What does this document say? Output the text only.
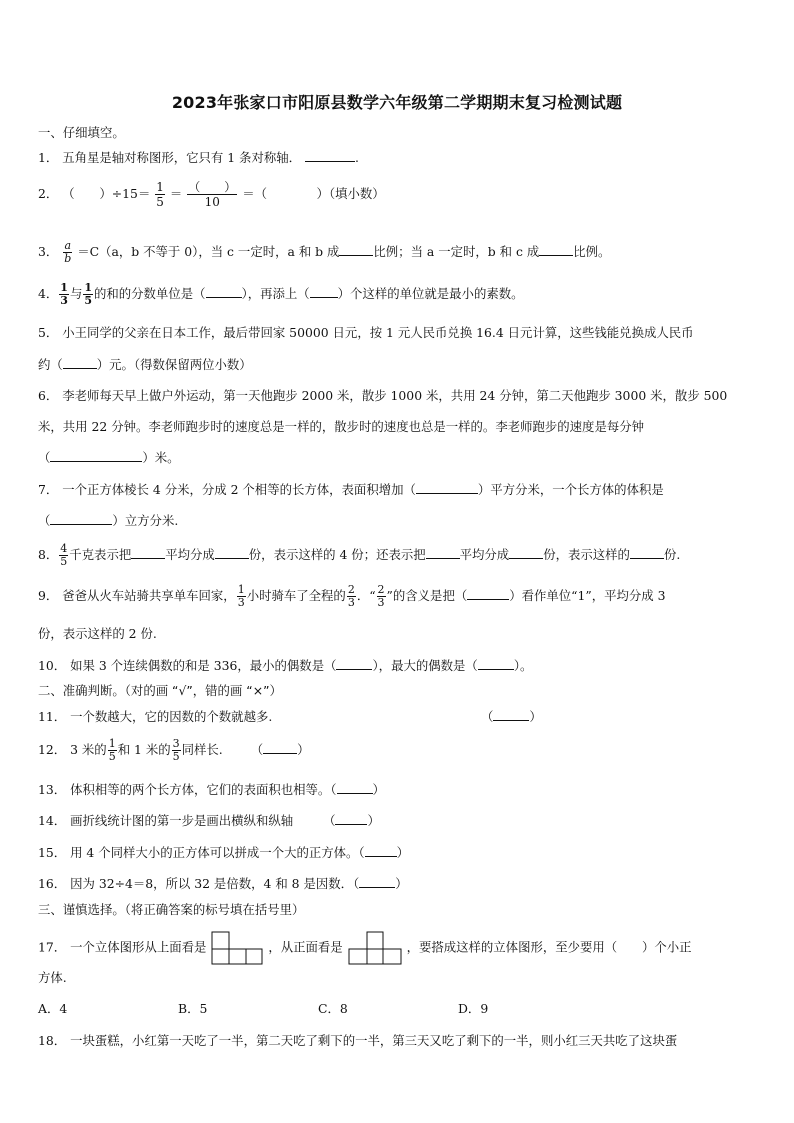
2023年张家口市阳原县数学六年级第二学期期末复习检测试题
一、仔细填空。
1． 五角星是轴对称图形，它只有 1 条对称轴．	.
2． （　　）$\div 15= \frac{1}{5} = \frac{( )}{10}$ ＝（　　　　）（填小数）
3． $\frac{a}{b} =C(a$，b 不等于 0），当 c 一定时，a 和 b 成	比例；当 a 一定时，b 和 c 成	比例。
4． $\frac{1}{3}$ 与 $\frac{1}{5}$ 的和的分数单位是（	），再添上（ ）个这样的单位就是最小的素数。
5． 小王同学的父亲在日本工作，最后带回家 50000 日元，按 1 元人民币兑换 16.4 日元计算，这些钱能兑换成人民币
约（	）元。（得数保留两位小数）
6． 李老师每天早上做户外运动，第一天他跑步 2000 米，散步 1000 米，共用 24 分钟，第二天他跑步 3000 米，散步 500
米，共用 22 分钟。李老师跑步时的速度总是一样的，散步时的速度也总是一样的。李老师跑步的速度是每分钟
（	）米。
7． 一个正方体棱长 4 分米，分成 2 个相等的长方体，表面积增加（	）平方分米，一个长方体的体积是
（	）立方分米.
8． $\frac{4}{5}$ 千克表示把	平均分成	份，表示这样的 4 份；还表示把	平均分成	份，表示这样的	份.
9． 爸爸从火车站骑共享单车回家， $\frac{1}{3}$ 小时骑车了全程的 $\frac{2}{3}$ ．“ $\frac{2}{3}$ ”的含义是把（	）看作单位“1”，平均分成 3
份，表示这样的 2 份.
10． 如果 3 个连续偶数的和是 336，最小的偶数是（	），最大的偶数是（	）。
二、准确判断。（对的画 “√”，错的画 “×”）
11． 一个数越大，它的因数的个数就越多.	（	）
12． 3 米的 $\frac{1}{5}$ 和 1 米的 $\frac{3}{5}$ 同样长. （	）
13． 体积相等的两个长方体，它们的表面积也相等。（	）
14． 画折线统计图的第一步是画出横纵和纵轴 （	）
15． 用 4 个同样大小的正方体可以拼成一个大的正方体。（	）
16． 因为 32÷4＝8，所以 32 是倍数，4 和 8 是因数．（	）
三、谨慎选择。（将正确答案的标号填在括号里）
17． 一个立体图形从上面看是	，从正面看是	，要搭成这样的立体图形，至少要用（　　）个小正
方体.
A．4	B．5	C．8	D．9
18． 一块蛋糕，小红第一天吃了一半，第二天吃了剩下的一半，第三天又吃了剩下的一半，则小红三天共吃了这块蛋
